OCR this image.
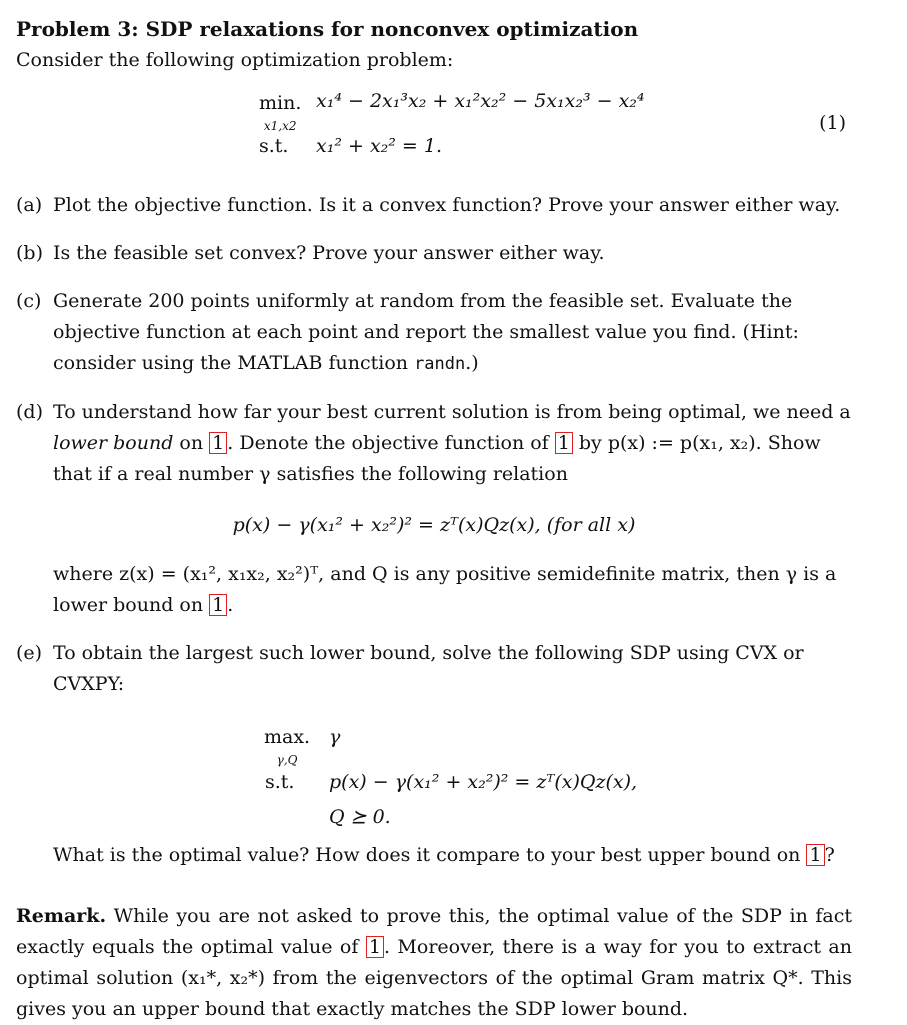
Problem 3: SDP relaxations for nonconvex optimization

Consider the following optimization problem:

min.
x1,x2
x₁⁴ − 2x₁³x₂ + x₁²x₂² − 5x₁x₂³ − x₂⁴
s.t. x₁² + x₂² = 1.
(1)
(a) Plot the objective function. Is it a convex function? Prove your answer either way.
(b) Is the feasible set convex? Prove your answer either way.
(c) Generate 200 points uniformly at random from the feasible set. Evaluate the objective function at each point and report the smallest value you find. (Hint: consider using the MATLAB function randn.)
(d) To understand how far your best current solution is from being optimal, we need a lower bound on 1 . Denote the objective function of 1 by p(x) := p(x₁, x₂). Show that if a real number γ satisfies the following relation
p(x) − γ(x₁² + x₂²)² = zᵀ(x)Qz(x), (for all x)
where z(x) = (x₁², x₁x₂, x₂²)ᵀ, and Q is any positive semidefinite matrix, then γ is a lower bound on 1 .
(e) To obtain the largest such lower bound, solve the following SDP using CVX or CVXPY:
max.
γ,Q
γ
s.t. p(x) − γ(x₁² + x₂²)² = zᵀ(x)Qz(x),
Q ⪰ 0.
What is the optimal value? How does it compare to your best upper bound on 1 ?

Remark. While you are not asked to prove this, the optimal value of the SDP in fact exactly equals the optimal value of 1 . Moreover, there is a way for you to extract an optimal solution (x₁*, x₂*) from the eigenvectors of the optimal Gram matrix Q*. This gives you an upper bound that exactly matches the SDP lower bound.
